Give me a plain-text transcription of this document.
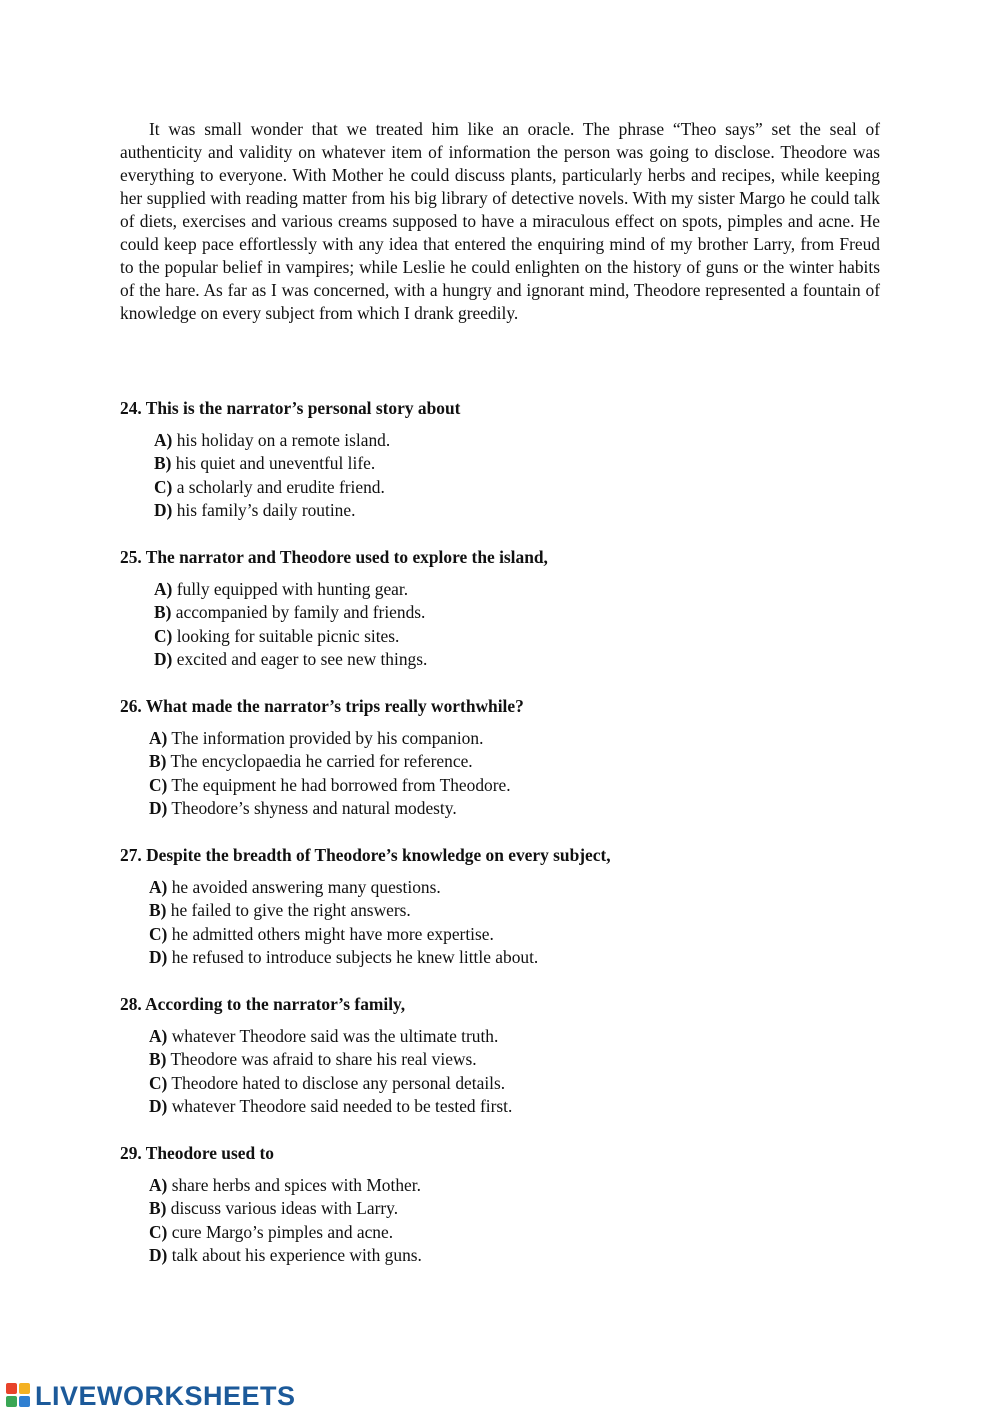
It was small wonder that we treated him like an oracle. The phrase “Theo says” set the seal of authenticity and validity on whatever item of information the person was going to disclose. Theodore was everything to everyone. With Mother he could discuss plants, particularly herbs and recipes, while keeping her supplied with reading matter from his big library of detective novels. With my sister Margo he could talk of diets, exercises and various creams supposed to have a miraculous effect on spots, pimples and acne. He could keep pace effortlessly with any idea that entered the enquiring mind of my brother Larry, from Freud to the popular belief in vampires; while Leslie he could enlighten on the history of guns or the winter habits of the hare. As far as I was concerned, with a hungry and ignorant mind, Theodore represented a fountain of knowledge on every subject from which I drank greedily.

24. This is the narrator’s personal story about

A) his holiday on a remote island.
B) his quiet and uneventful life.
C) a scholarly and erudite friend.
D) his family’s daily routine.

25. The narrator and Theodore used to explore the island,

A) fully equipped with hunting gear.
B) accompanied by family and friends.
C) looking for suitable picnic sites.
D) excited and eager to see new things.

26. What made the narrator’s trips really worthwhile?

A) The information provided by his companion.
B) The encyclopaedia he carried for reference.
C) The equipment he had borrowed from Theodore.
D) Theodore’s shyness and natural modesty.

27. Despite the breadth of Theodore’s knowledge on every subject,

A) he avoided answering many questions.
B) he failed to give the right answers.
C) he admitted others might have more expertise.
D) he refused to introduce subjects he knew little about.

28. According to the narrator’s family,

A) whatever Theodore said was the ultimate truth.
B) Theodore was afraid to share his real views.
C) Theodore hated to disclose any personal details.
D) whatever Theodore said needed to be tested first.

29. Theodore used to

A) share herbs and spices with Mother.
B) discuss various ideas with Larry.
C) cure Margo’s pimples and acne.
D) talk about his experience with guns.
LIVEWORKSHEETS
